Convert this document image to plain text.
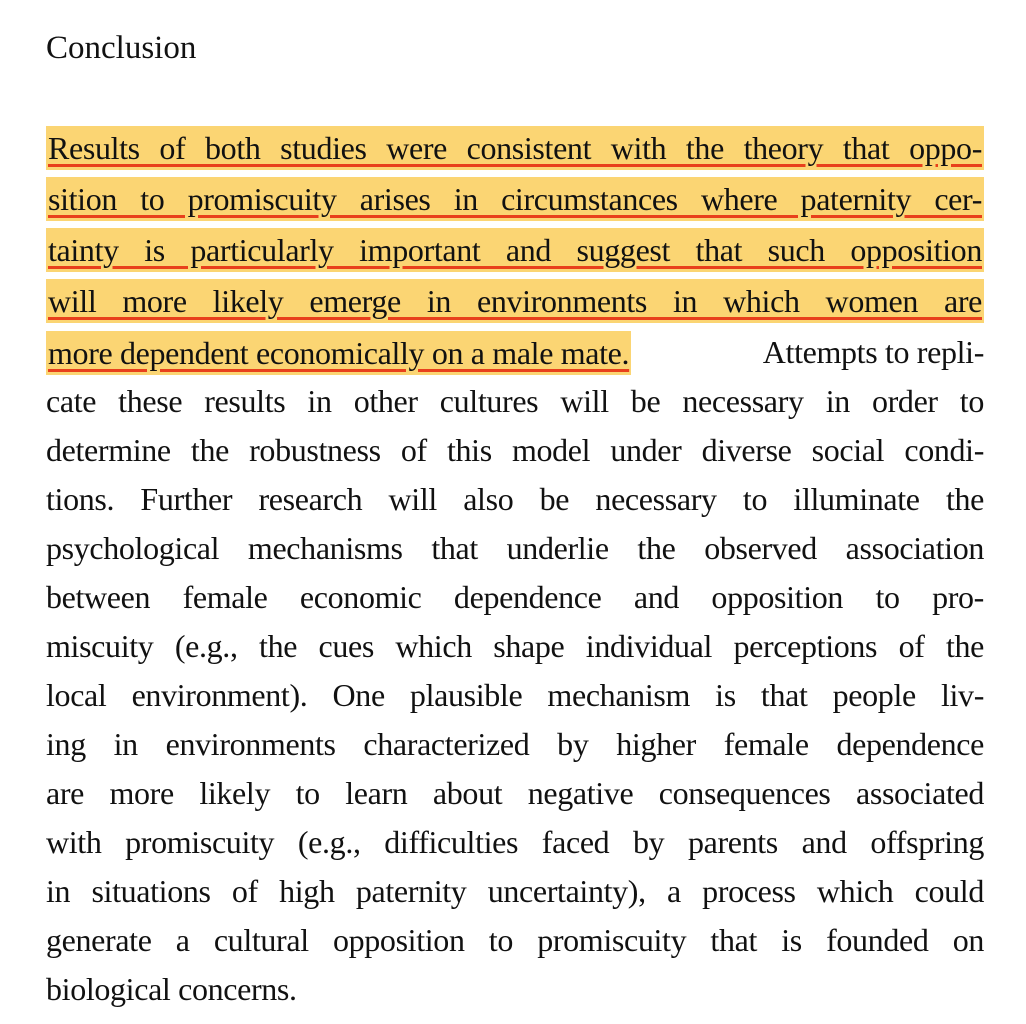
Conclusion
Results of both studies were consistent with the theory that oppo-
sition to promiscuity arises in circumstances where paternity cer-
tainty is particularly important and suggest that such opposition
will more likely emerge in environments in which women are
more dependent economically on a male mate.	Attempts to repli-
cate these results in other cultures will be necessary in order to
determine the robustness of this model under diverse social condi-
tions. Further research will also be necessary to illuminate the
psychological mechanisms that underlie the observed association
between female economic dependence and opposition to pro-
miscuity (e.g., the cues which shape individual perceptions of the
local environment). One plausible mechanism is that people liv-
ing in environments characterized by higher female dependence
are more likely to learn about negative consequences associated
with promiscuity (e.g., difficulties faced by parents and offspring
in situations of high paternity uncertainty), a process which could
generate a cultural opposition to promiscuity that is founded on
biological concerns.
